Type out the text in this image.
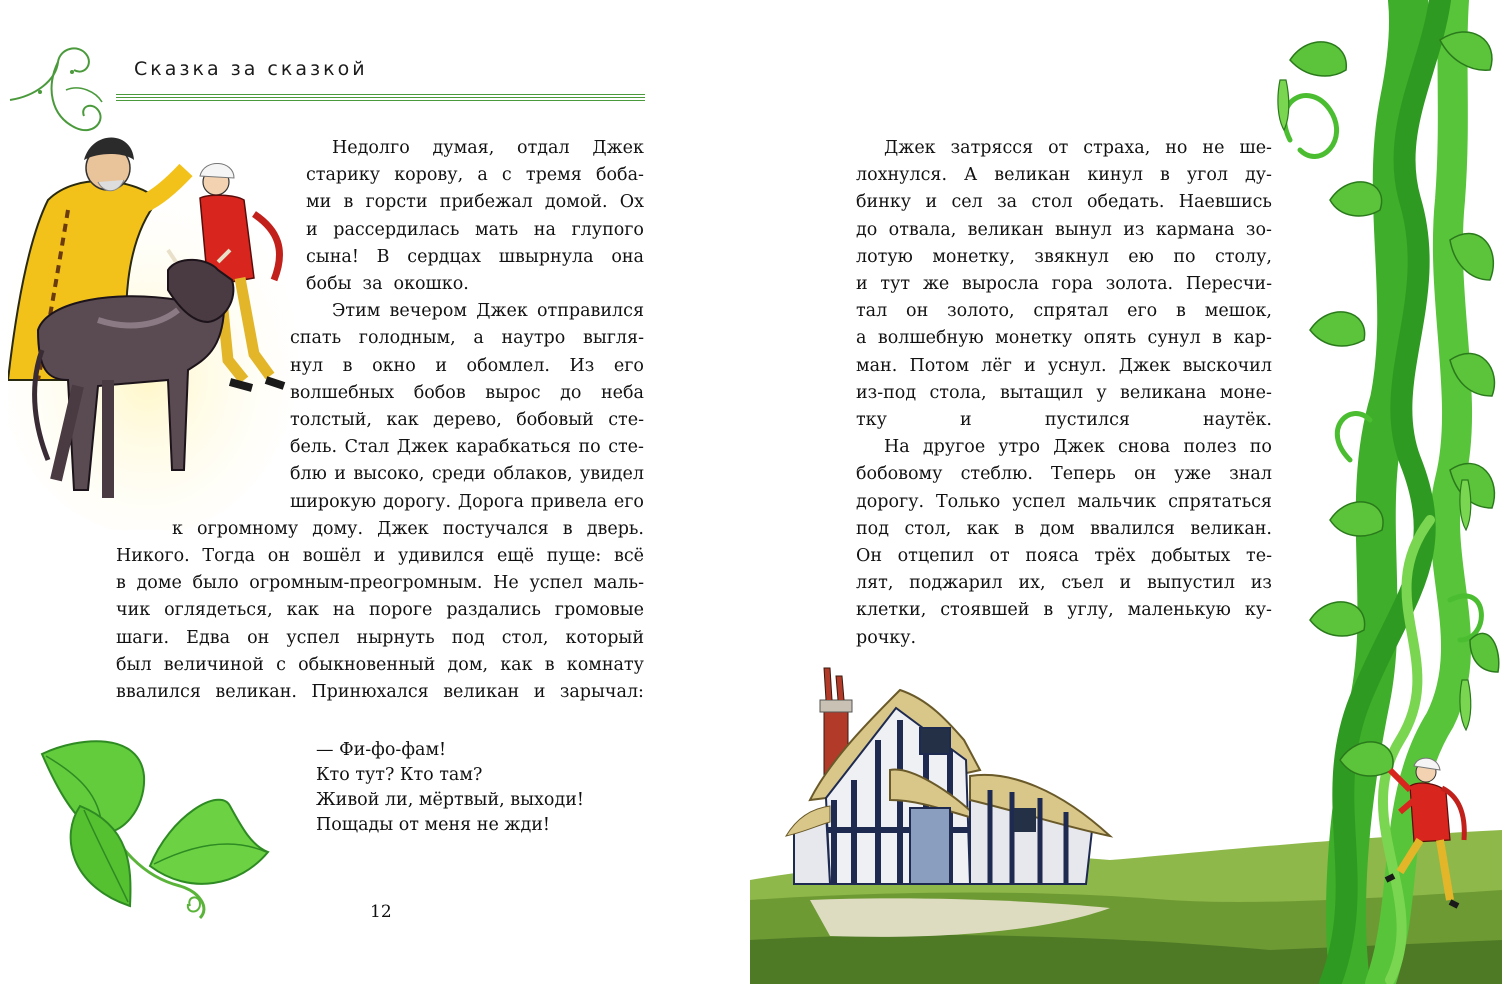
Сказка за сказкой
Недолго думая, отдал Джек
старику корову, а с тремя боба-
ми в горсти прибежал домой. Ох
и рассердилась мать на глупого
сына! В сердцах швырнула она
бобы за окошко.
Этим вечером Джек отправился
спать голодным, а наутро выгля-
нул в окно и обомлел. Из его
волшебных бобов вырос до неба
толстый, как дерево, бобовый сте-
бель. Стал Джек карабкаться по сте-
блю и высоко, среди облаков, увидел
широкую дорогу. Дорога привела его
к огромному дому. Джек постучался в дверь.
Никого. Тогда он вошёл и удивился ещё пуще: всё
в доме было огромным-преогромным. Не успел маль-
чик оглядеться, как на пороге раздались громовые
шаги. Едва он успел нырнуть под стол, который
был величиной с обыкновенный дом, как в комнату
ввалился великан. Принюхался великан и зарычал:
— Фи-фо-фам!
Кто тут? Кто там?
Живой ли, мёртвый, выходи!
Пощады от меня не жди!
12
Джек затрясся от страха, но не ше-
лохнулся. А великан кинул в угол ду-
бинку и сел за стол обедать. Наевшись
до отвала, великан вынул из кармана зо-
лотую монетку, звякнул ею по столу,
и тут же выросла гора золота. Пересчи-
тал он золото, спрятал его в мешок,
а волшебную монетку опять сунул в кар-
ман. Потом лёг и уснул. Джек выскочил
из-под стола, вытащил у великана моне-
тку	и	пустился	наутёк.
На другое утро Джек снова полез по
бобовому стеблю. Теперь он уже знал
дорогу. Только успел мальчик спрятаться
под стол, как в дом ввалился великан.
Он отцепил от пояса трёх добытых те-
лят, поджарил их, съел и выпустил из
клетки, стоявшей в углу, маленькую ку-
рочку.
